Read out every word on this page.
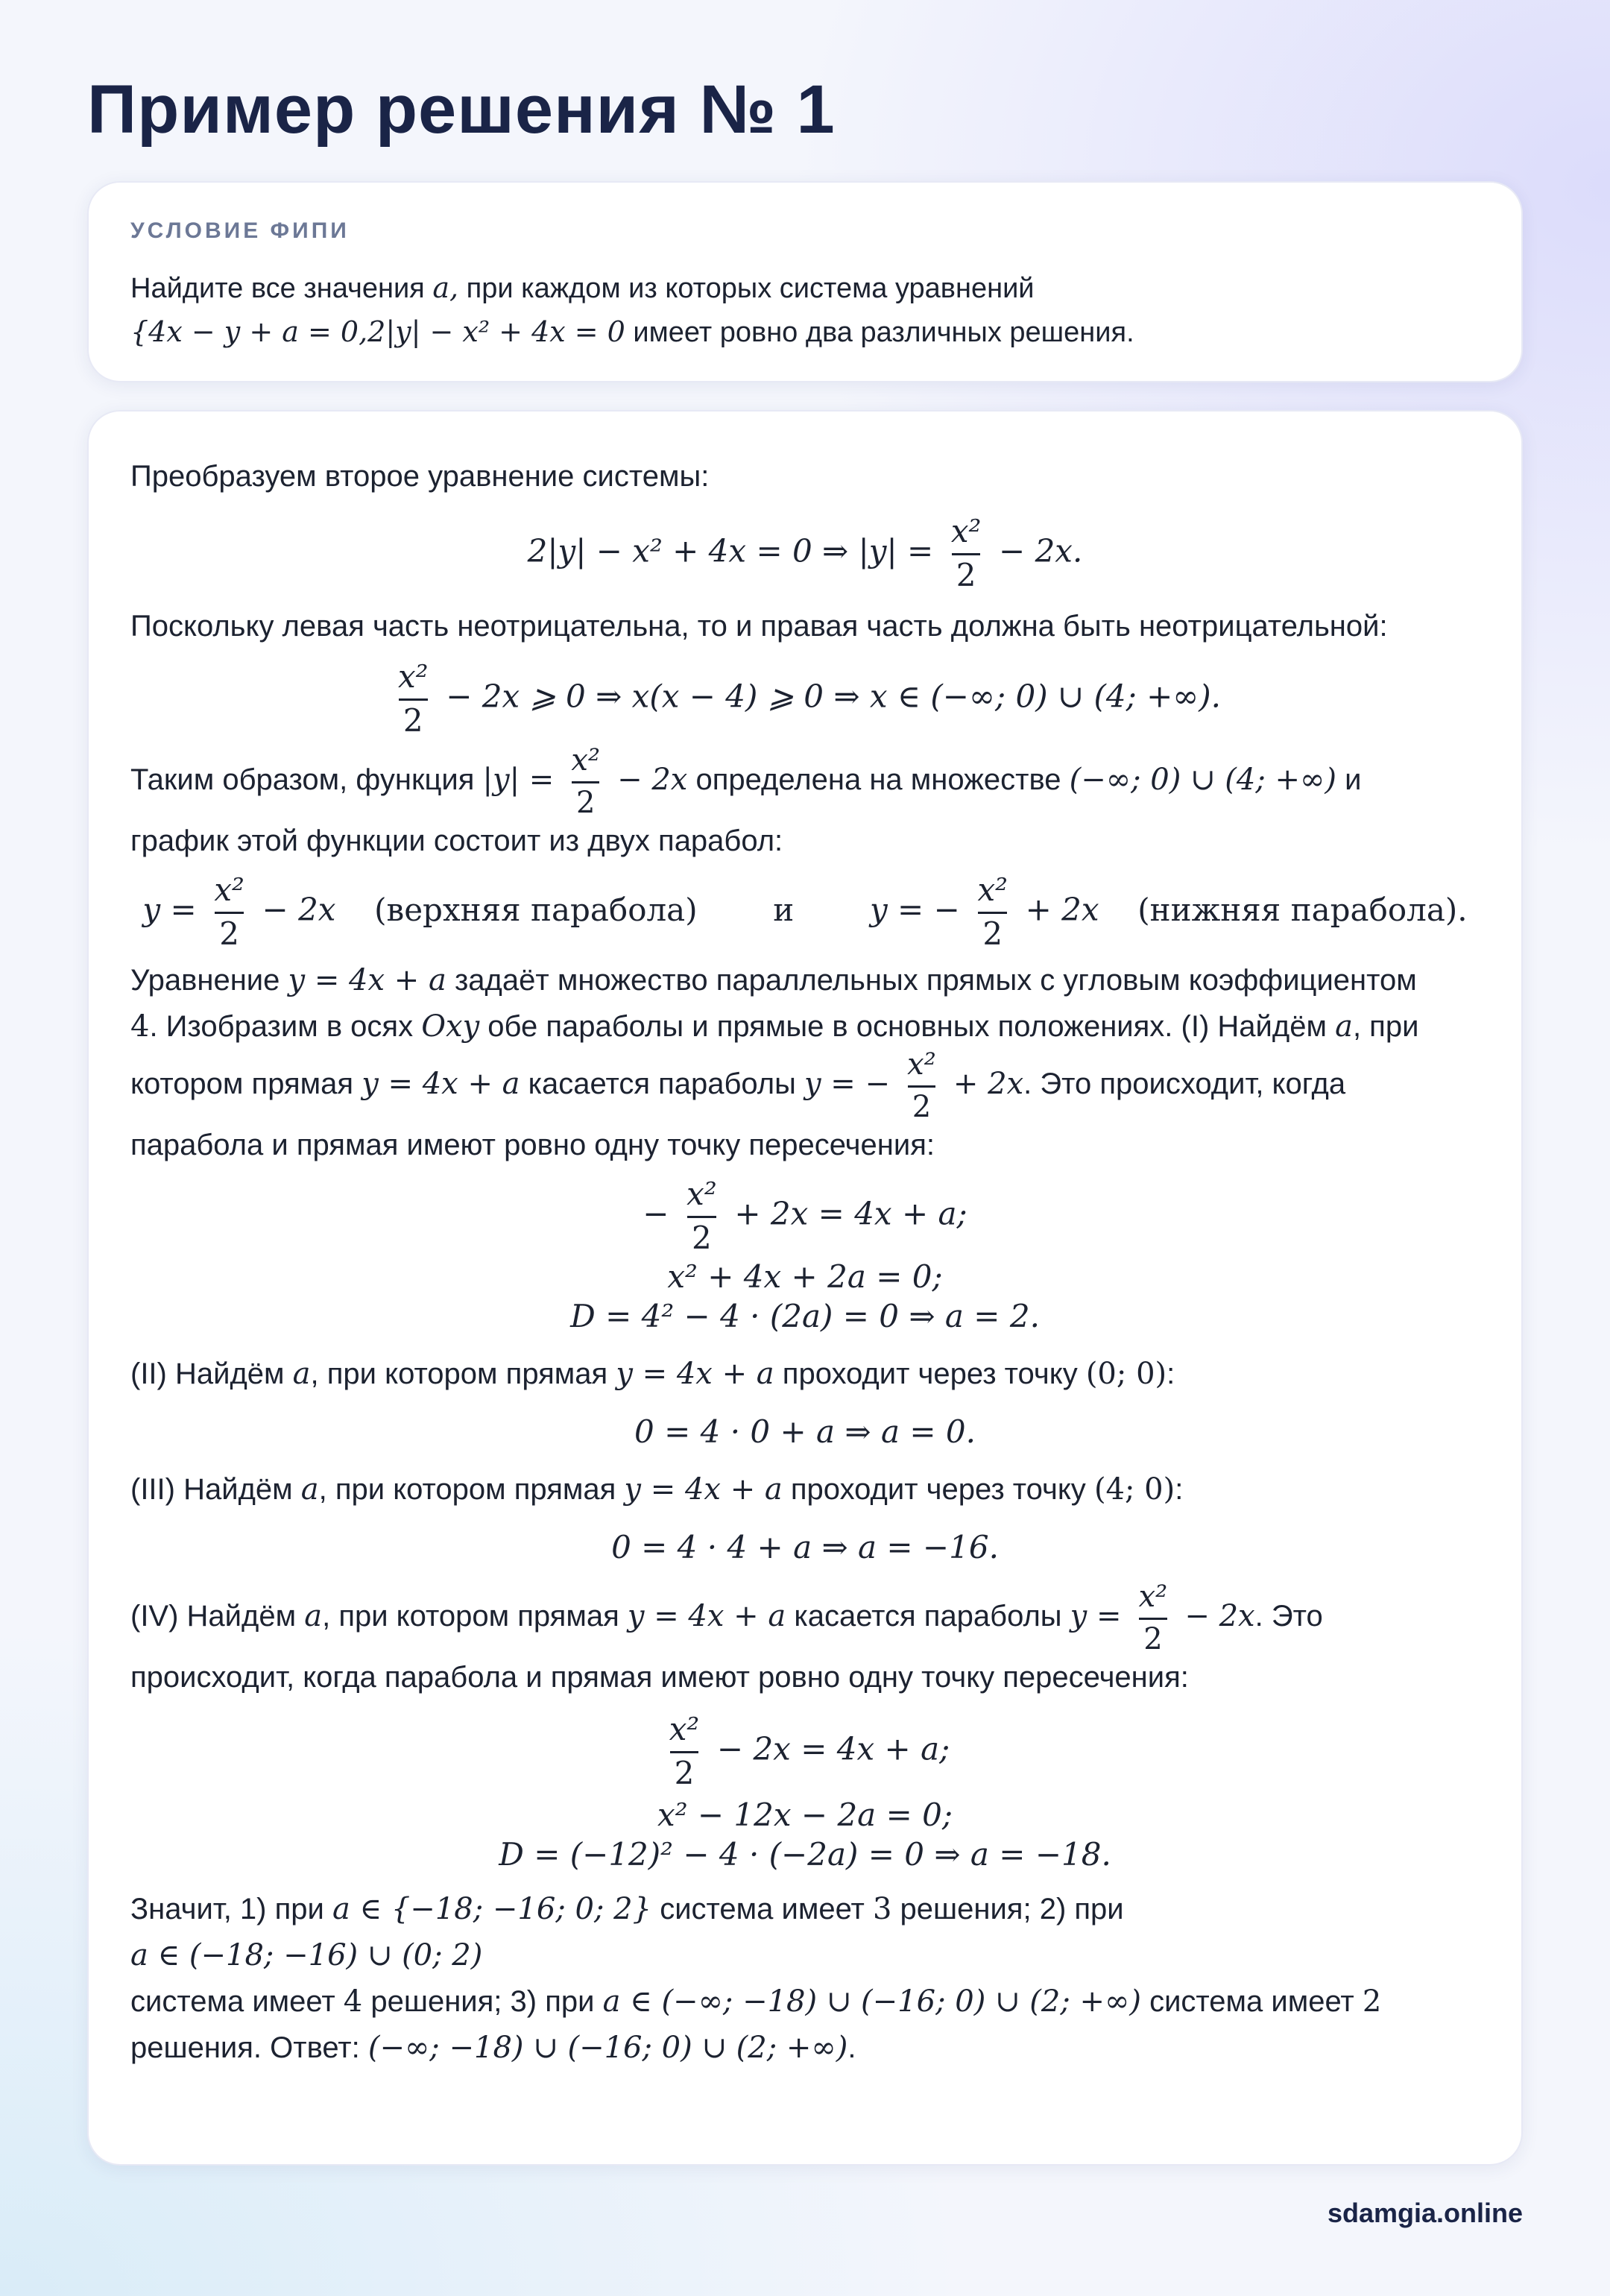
Пример решения № 1
УСЛОВИЕ ФИПИ
Найдите все значения a, при каждом из которых система уравнений
{4x − y + a = 0,2|y| − x² + 4x = 0 имеет ровно два различных решения.
Преобразуем второе уравнение системы:
2|y| − x² + 4x = 0 ⇒ $|y| = \frac{\text{x²}}{2} - 2x$.
Поскольку левая часть неотрицательна, то и правая часть должна быть неотрицательной:
$\frac{\text{x²}}{2} - 2x$ ⩾ 0 ⇒ x(x − 4) ⩾ 0 ⇒ x ∈ (−∞; 0) ∪ (4; +∞).
Таким образом, функция $|y| = \frac{\text{x²}}{2} - 2x$ определена на множестве (−∞; 0) ∪ (4; +∞) и
график этой функции состоит из двух парабол:
$y = \frac{\text{x²}}{2} - 2x$ (верхняя парабола) и y = − $\frac{\text{x²}}{2} + 2x$ (нижняя парабола).
Уравнение y = 4x + a задаёт множество параллельных прямых с угловым коэффициентом
4. Изобразим в осях Oxy обе параболы и прямые в основных положениях. (I) Найдём a, при
котором прямая y = 4x + a касается параболы y = − $\frac{\text{x²}}{2} + 2x$. Это происходит, когда
парабола и прямая имеют ровно одну точку пересечения:
− $\frac{\text{x²}}{2} + 2x = 4x + a$;
x² + 4x + 2a = 0;
D = 4² − 4 · (2a) = 0 ⇒ a = 2.
(II) Найдём a, при котором прямая y = 4x + a проходит через точку (0; 0):
0 = 4 · 0 + a ⇒ a = 0.
(III) Найдём a, при котором прямая y = 4x + a проходит через точку (4; 0):
0 = 4 · 4 + a ⇒ a = −16.
(IV) Найдём a, при котором прямая y = 4x + a касается параболы $y = \frac{\text{x²}}{2} - 2x$. Это
происходит, когда парабола и прямая имеют ровно одну точку пересечения:
$\frac{\text{x²}}{2} - 2x = 4x + a$;
x² − 12x − 2a = 0;
D = (−12)² − 4 · (−2a) = 0 ⇒ a = −18.
Значит, 1) при a ∈ {−18; −16; 0; 2} система имеет 3 решения; 2) при a ∈ (−18; −16) ∪ (0; 2)
система имеет 4 решения; 3) при a ∈ (−∞; −18) ∪ (−16; 0) ∪ (2; +∞) система имеет 2
решения. Ответ: (−∞; −18) ∪ (−16; 0) ∪ (2; +∞).
sdamgia.online
